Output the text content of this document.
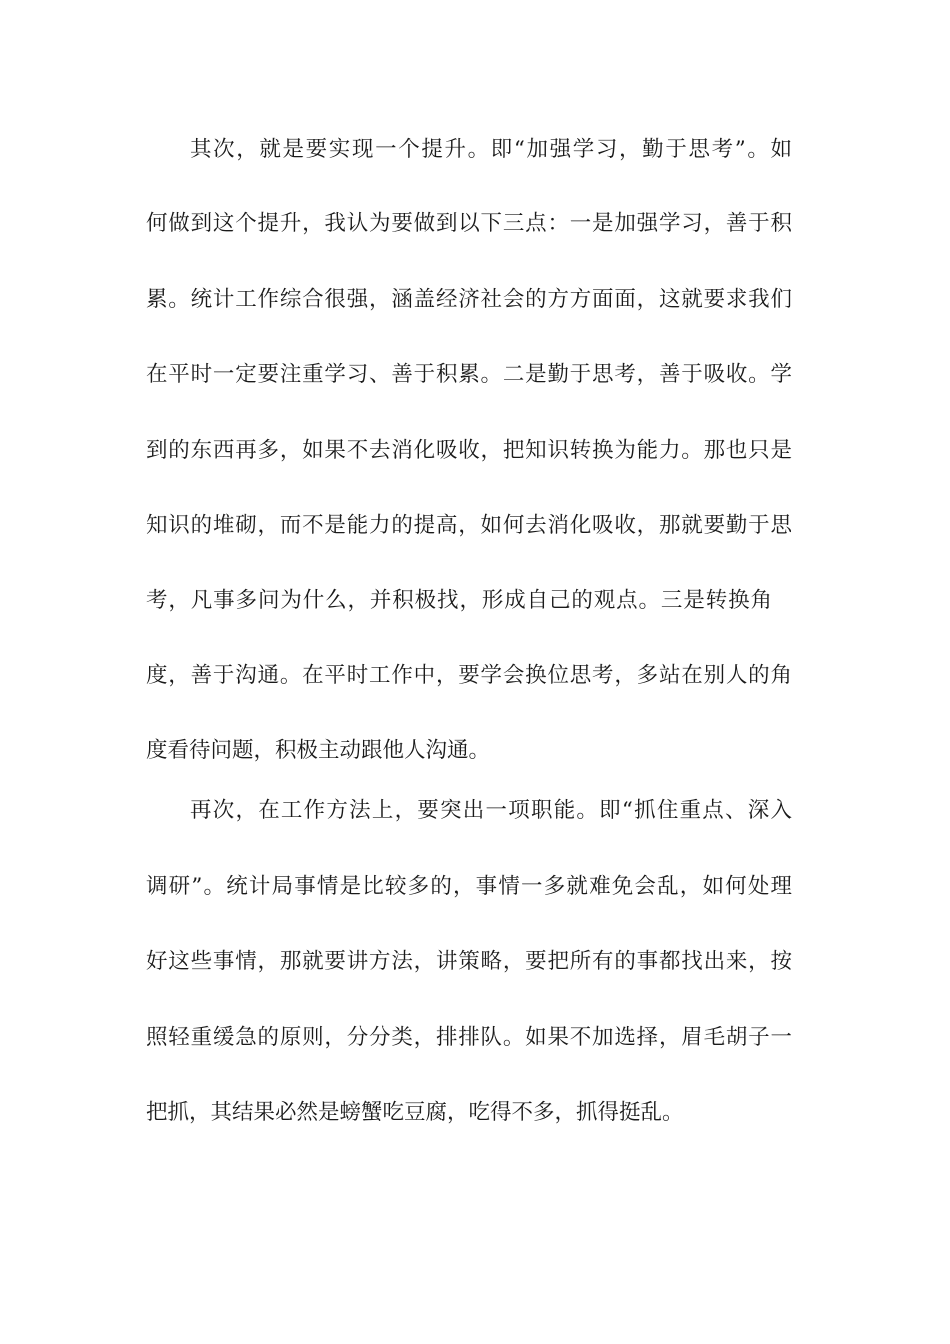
其次，就是要实现一个提升。即“加强学习，勤于思考”。如
何做到这个提升，我认为要做到以下三点：一是加强学习，善于积
累。统计工作综合很强，涵盖经济社会的方方面面，这就要求我们
在平时一定要注重学习、善于积累。二是勤于思考，善于吸收。学
到的东西再多，如果不去消化吸收，把知识转换为能力。那也只是
知识的堆砌，而不是能力的提高，如何去消化吸收，那就要勤于思
考，凡事多问为什么，并积极找，形成自己的观点。三是转换角
度，善于沟通。在平时工作中，要学会换位思考，多站在别人的角
度看待问题，积极主动跟他人沟通。
再次，在工作方法上，要突出一项职能。即“抓住重点、深入
调研”。统计局事情是比较多的，事情一多就难免会乱，如何处理
好这些事情，那就要讲方法，讲策略，要把所有的事都找出来，按
照轻重缓急的原则，分分类，排排队。如果不加选择，眉毛胡子一
把抓，其结果必然是螃蟹吃豆腐，吃得不多，抓得挺乱。
